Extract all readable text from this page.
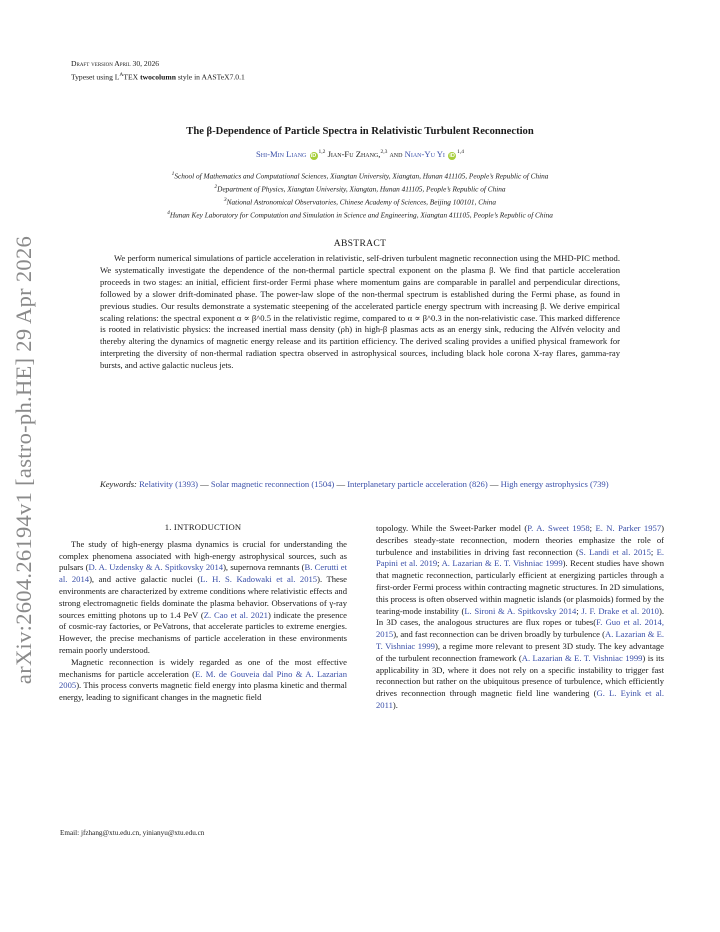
arXiv:2604.26194v1 [astro-ph.HE] 29 Apr 2026
Draft version April 30, 2026
Typeset using $L^ATEX$ twocolumn style in AASTeX7.0.1
The β-Dependence of Particle Spectra in Relativistic Turbulent Reconnection
Shi-Min Liang iD$^{1,2}$ Jian-Fu Zhang,$^{2,3}$ and Nian-Yu Yi iD$^{1,4}$
$^1$School of Mathematics and Computational Sciences, Xiangtan University, Xiangtan, Hunan 411105, People’s Republic of China
$^2$Department of Physics, Xiangtan University, Xiangtan, Hunan 411105, People’s Republic of China
$^3$National Astronomical Observatories, Chinese Academy of Sciences, Beijing 100101, China
$^4$Hunan Key Laboratory for Computation and Simulation in Science and Engineering, Xiangtan 411105, People’s Republic of China
ABSTRACT
We perform numerical simulations of particle acceleration in relativistic, self-driven turbulent magnetic reconnection using the MHD-PIC method. We systematically investigate the dependence of the non-thermal particle spectral exponent on the plasma β. We find that particle acceleration proceeds in two stages: an initial, efficient first-order Fermi phase where momentum gains are comparable in parallel and perpendicular directions, followed by a slower drift-dominated phase. The power-law slope of the non-thermal spectrum is established during the Fermi phase, as found in previous studies. Our results demonstrate a systematic steepening of the accelerated particle energy spectrum with increasing β. We derive empirical scaling relations: the spectral exponent α ∝ β^0.5 in the relativistic regime, compared to α ∝ β^0.3 in the non-relativistic case. This marked difference is rooted in relativistic physics: the increased inertial mass density (ρh) in high-β plasmas acts as an energy sink, reducing the Alfvén velocity and thereby altering the dynamics of magnetic energy release and its partition efficiency. The derived scaling provides a unified physical framework for interpreting the diversity of non-thermal radiation spectra observed in astrophysical sources, including black hole corona X-ray flares, gamma-ray bursts, and active galactic nucleus jets.
Keywords: Relativity (1393) — Solar magnetic reconnection (1504) — Interplanetary particle acceleration (826) — High energy astrophysics (739)
1. INTRODUCTION

The study of high-energy plasma dynamics is crucial for understanding the complex phenomena associated with high-energy astrophysical sources, such as pulsars (D. A. Uzdensky & A. Spitkovsky 2014), supernova remnants (B. Cerutti et al. 2014), and active galactic nuclei (L. H. S. Kadowaki et al. 2015). These environments are characterized by extreme conditions where relativistic effects and strong electromagnetic fields dominate the plasma behavior. Observations of γ-ray sources emitting photons up to 1.4 PeV (Z. Cao et al. 2021) indicate the presence of cosmic-ray factories, or PeVatrons, that accelerate particles to extreme energies. However, the precise mechanisms of particle acceleration in these environments remain poorly understood.

Magnetic reconnection is widely regarded as one of the most effective mechanisms for particle acceleration (E. M. de Gouveia dal Pino & A. Lazarian 2005). This process converts magnetic field energy into plasma kinetic and thermal energy, leading to significant changes in the magnetic field

topology. While the Sweet-Parker model (P. A. Sweet 1958; E. N. Parker 1957) describes steady-state reconnection, modern theories emphasize the role of turbulence and instabilities in driving fast reconnection (S. Landi et al. 2015; E. Papini et al. 2019; A. Lazarian & E. T. Vishniac 1999). Recent studies have shown that magnetic reconnection, particularly efficient at energizing particles through a first-order Fermi process within contracting magnetic structures. In 2D simulations, this process is often observed within magnetic islands (or plasmoids) formed by the tearing-mode instability (L. Sironi & A. Spitkovsky 2014; J. F. Drake et al. 2010). In 3D cases, the analogous structures are flux ropes or tubes(F. Guo et al. 2014, 2015), and fast reconnection can be driven broadly by turbulence (A. Lazarian & E. T. Vishniac 1999), a regime more relevant to present 3D study. The key advantage of the turbulent reconnection framework (A. Lazarian & E. T. Vishniac 1999) is its applicability in 3D, where it does not rely on a specific instability to trigger fast reconnection but rather on the ubiquitous presence of turbulence, which efficiently drives reconnection through magnetic field line wandering (G. L. Eyink et al. 2011).

Email: jfzhang@xtu.edu.cn, yinianyu@xtu.edu.cn
